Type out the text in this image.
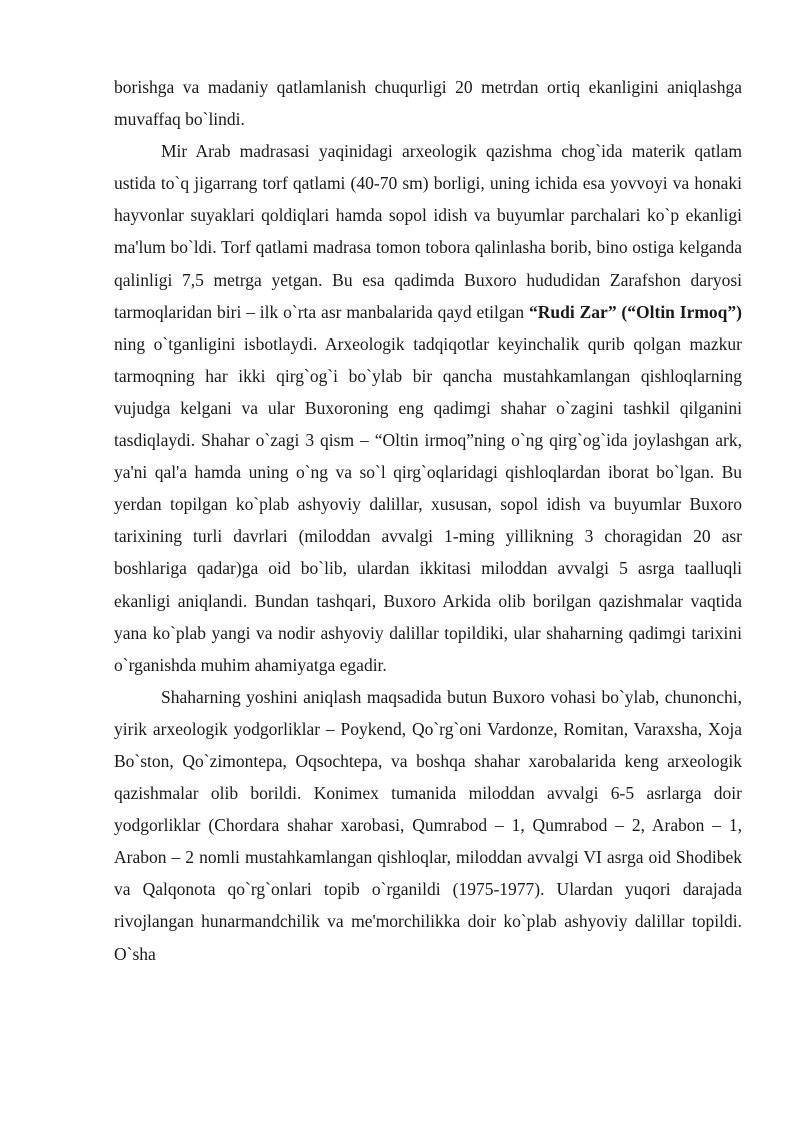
borishga va madaniy qatlamlanish chuqurligi 20 metrdan ortiq ekanligini aniqlashga muvaffaq bo`lindi.

Mir Arab madrasasi yaqinidagi arxeologik qazishma chog`ida materik qatlam ustida to`q jigarrang torf qatlami (40-70 sm) borligi, uning ichida esa yovvoyi va honaki hayvonlar suyaklari qoldiqlari hamda sopol idish va buyumlar parchalari ko`p ekanligi ma'lum bo`ldi. Torf qatlami madrasa tomon tobora qalinlasha borib, bino ostiga kelganda qalinligi 7,5 metrga yetgan. Bu esa qadimda Buxoro hududidan Zarafshon daryosi tarmoqlaridan biri – ilk o`rta asr manbalarida qayd etilgan “Rudi Zar” (“Oltin Irmoq”) ning o`tganligini isbotlaydi. Arxeologik tadqiqotlar keyinchalik qurib qolgan mazkur tarmoqning har ikki qirg`og`i bo`ylab bir qancha mustahkamlangan qishloqlarning vujudga kelgani va ular Buxoroning eng qadimgi shahar o`zagini tashkil qilganini tasdiqlaydi. Shahar o`zagi 3 qism – “Oltin irmoq”ning o`ng qirg`og`ida joylashgan ark, ya'ni qal'a hamda uning o`ng va so`l qirg`oqlaridagi qishloqlardan iborat bo`lgan. Bu yerdan topilgan ko`plab ashyoviy dalillar, xususan, sopol idish va buyumlar Buxoro tarixining turli davrlari (miloddan avvalgi 1-ming yillikning 3 choragidan 20 asr boshlariga qadar)ga oid bo`lib, ulardan ikkitasi miloddan avvalgi 5 asrga taalluqli ekanligi aniqlandi. Bundan tashqari, Buxoro Arkida olib borilgan qazishmalar vaqtida yana ko`plab yangi va nodir ashyoviy dalillar topildiki, ular shaharning qadimgi tarixini o`rganishda muhim ahamiyatga egadir.

Shaharning yoshini aniqlash maqsadida butun Buxoro vohasi bo`ylab, chunonchi, yirik arxeologik yodgorliklar – Poykend, Qo`rg`oni Vardonze, Romitan, Varaxsha, Xoja Bo`ston, Qo`zimontepa, Oqsochtepa, va boshqa shahar xarobalarida keng arxeologik qazishmalar olib borildi. Konimex tumanida miloddan avvalgi 6-5 asrlarga doir yodgorliklar (Chordara shahar xarobasi, Qumrabod – 1, Qumrabod – 2, Arabon – 1, Arabon – 2 nomli mustahkamlangan qishloqlar, miloddan avvalgi VI asrga oid Shodibek va Qalqonota qo`rg`onlari topib o`rganildi (1975-1977). Ulardan yuqori darajada rivojlangan hunarmandchilik va me'morchilikka doir ko`plab ashyoviy dalillar topildi. O`sha
